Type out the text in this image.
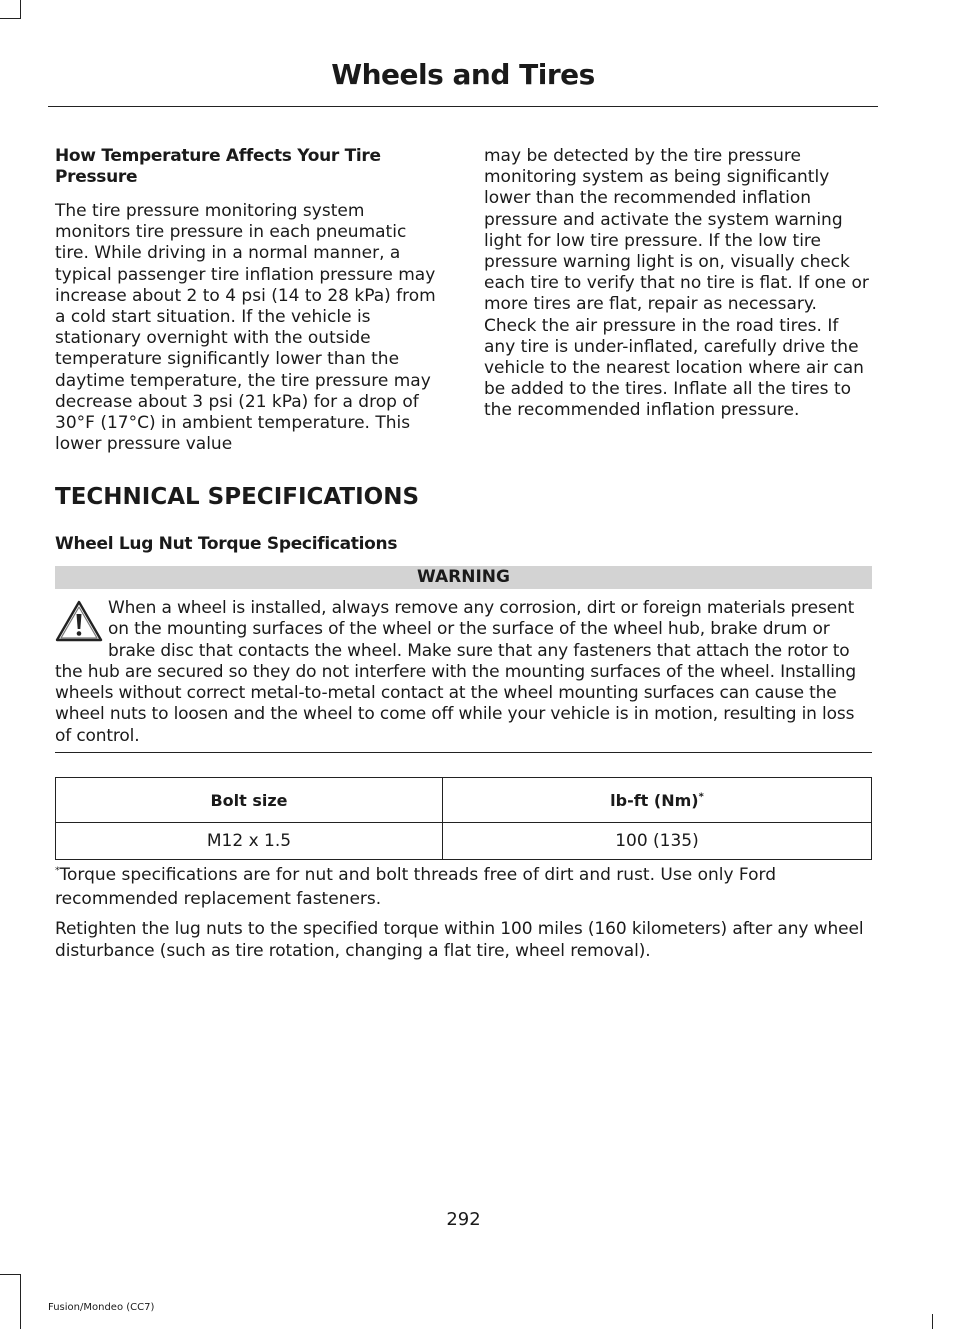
Wheels and Tires
How Temperature Affects Your Tire Pressure

The tire pressure monitoring system monitors tire pressure in each pneumatic tire. While driving in a normal manner, a typical passenger tire inflation pressure may increase about 2 to 4 psi (14 to 28 kPa) from a cold start situation. If the vehicle is stationary overnight with the outside temperature significantly lower than the daytime temperature, the tire pressure may decrease about 3 psi (21 kPa) for a drop of 30°F (17°C) in ambient temperature. This lower pressure value

may be detected by the tire pressure monitoring system as being significantly lower than the recommended inflation pressure and activate the system warning light for low tire pressure. If the low tire pressure warning light is on, visually check each tire to verify that no tire is flat. If one or more tires are flat, repair as necessary. Check the air pressure in the road tires. If any tire is under-inflated, carefully drive the vehicle to the nearest location where air can be added to the tires. Inflate all the tires to the recommended inflation pressure.

TECHNICAL SPECIFICATIONS
Wheel Lug Nut Torque Specifications
WARNING

When a wheel is installed, always remove any corrosion, dirt or foreign materials present on the mounting surfaces of the wheel or the surface of the wheel hub, brake drum or brake disc that contacts the wheel. Make sure that any fasteners that attach the rotor to the hub are secured so they do not interfere with the mounting surfaces of the wheel. Installing wheels without correct metal-to-metal contact at the wheel mounting surfaces can cause the wheel nuts to loosen and the wheel to come off while your vehicle is in motion, resulting in loss of control.

Bolt size	lb-ft (Nm)*
M12 x 1.5	100 (135)

*Torque specifications are for nut and bolt threads free of dirt and rust. Use only Ford recommended replacement fasteners.

Retighten the lug nuts to the specified torque within 100 miles (160 kilometers) after any wheel disturbance (such as tire rotation, changing a flat tire, wheel removal).

292
Fusion/Mondeo (CC7)
